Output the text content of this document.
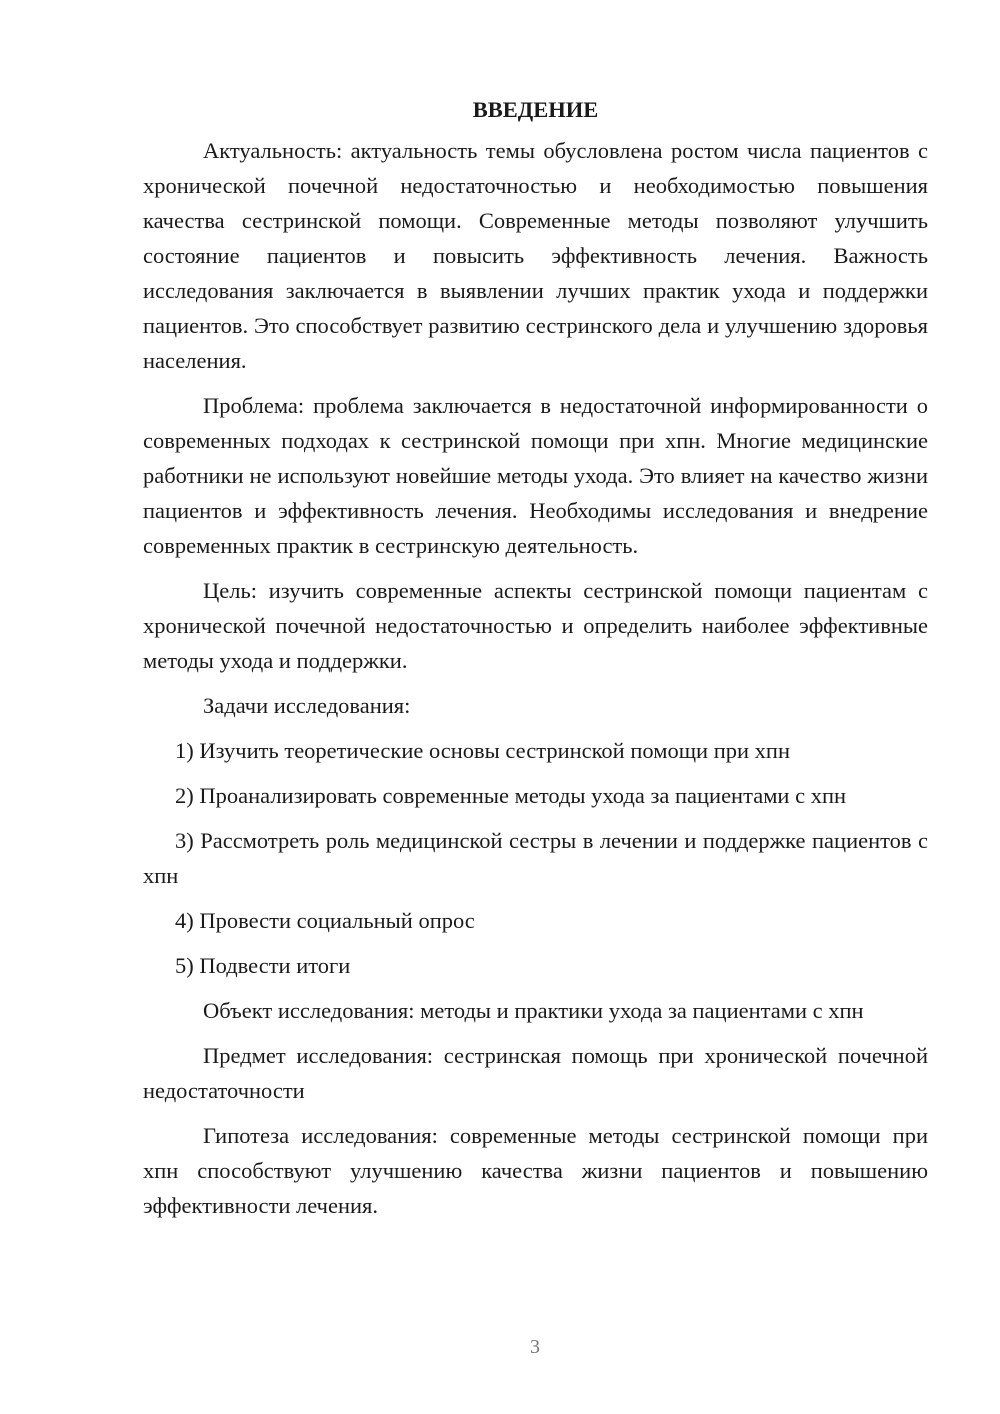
ВВЕДЕНИЕ

Актуальность: актуальность темы обусловлена ростом числа пациентов с хронической почечной недостаточностью и необходимостью повышения качества сестринской помощи. Современные методы позволяют улучшить состояние пациентов и повысить эффективность лечения. Важность исследования заключается в выявлении лучших практик ухода и поддержки пациентов. Это способствует развитию сестринского дела и улучшению здоровья населения.

Проблема: проблема заключается в недостаточной информированности о современных подходах к сестринской помощи при хпн. Многие медицинские работники не используют новейшие методы ухода. Это влияет на качество жизни пациентов и эффективность лечения. Необходимы исследования и внедрение современных практик в сестринскую деятельность.

Цель: изучить современные аспекты сестринской помощи пациентам с хронической почечной недостаточностью и определить наиболее эффективные методы ухода и поддержки.

Задачи исследования:

1) Изучить теоретические основы сестринской помощи при хпн

2) Проанализировать современные методы ухода за пациентами с хпн

3) Рассмотреть роль медицинской сестры в лечении и поддержке пациентов с хпн

4) Провести социальный опрос

5) Подвести итоги

Объект исследования: методы и практики ухода за пациентами с хпн

Предмет исследования: сестринская помощь при хронической почечной недостаточности

Гипотеза исследования: современные методы сестринской помощи при хпн способствуют улучшению качества жизни пациентов и повышению эффективности лечения.

3
